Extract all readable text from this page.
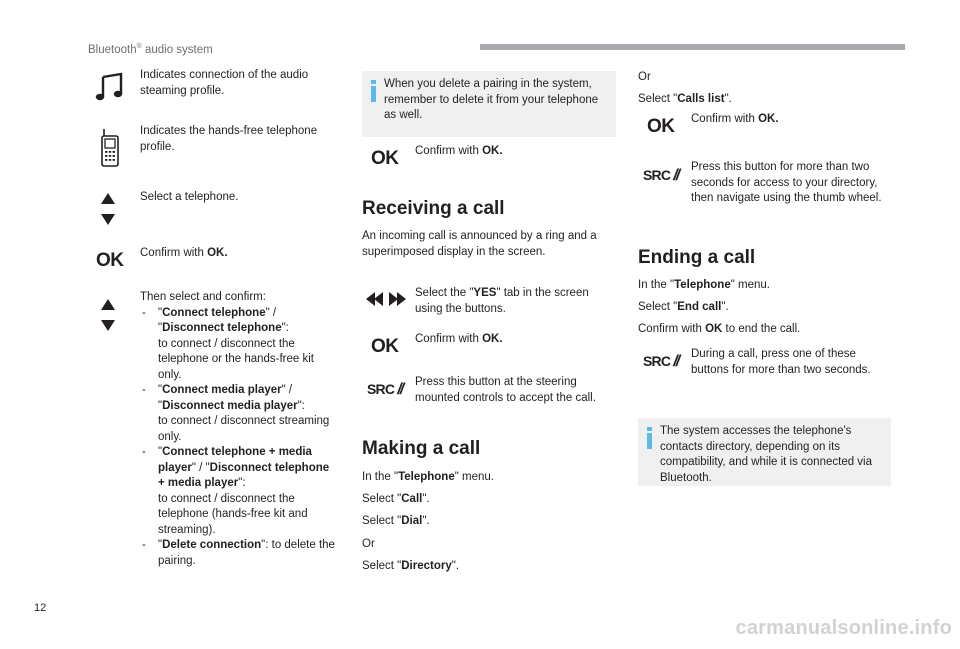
Bluetooth® audio system
Indicates connection of the audio steaming profile.
Indicates the hands-free telephone profile.
Select a telephone.
OK Confirm with OK.
Then select and confirm:
- "Connect telephone" / "Disconnect telephone":
to connect / disconnect the telephone or the hands-free kit only.
- "Connect media player" / "Disconnect media player":
to connect / disconnect streaming only.
- "Connect telephone + media player" / "Disconnect telephone + media player":
to connect / disconnect the telephone (hands-free kit and streaming).
- "Delete connection": to delete the pairing.
When you delete a pairing in the system, remember to delete it from your telephone as well.
OK Confirm with OK.
Receiving a call
An incoming call is announced by a ring and a superimposed display in the screen.
Select the "YES" tab in the screen using the buttons.
OK Confirm with OK.
SRC // Press this button at the steering mounted controls to accept the call.
Making a call
In the "Telephone" menu.
Select "Call".
Select "Dial".
Or
Select "Directory".
Or
Select "Calls list".
OK Confirm with OK.
SRC // Press this button for more than two seconds for access to your directory, then navigate using the thumb wheel.
Ending a call
In the "Telephone" menu.
Select "End call".
Confirm with OK to end the call.
SRC // During a call, press one of these buttons for more than two seconds.
The system accesses the telephone's contacts directory, depending on its compatibility, and while it is connected via Bluetooth.
12
carmanualsonline.info
